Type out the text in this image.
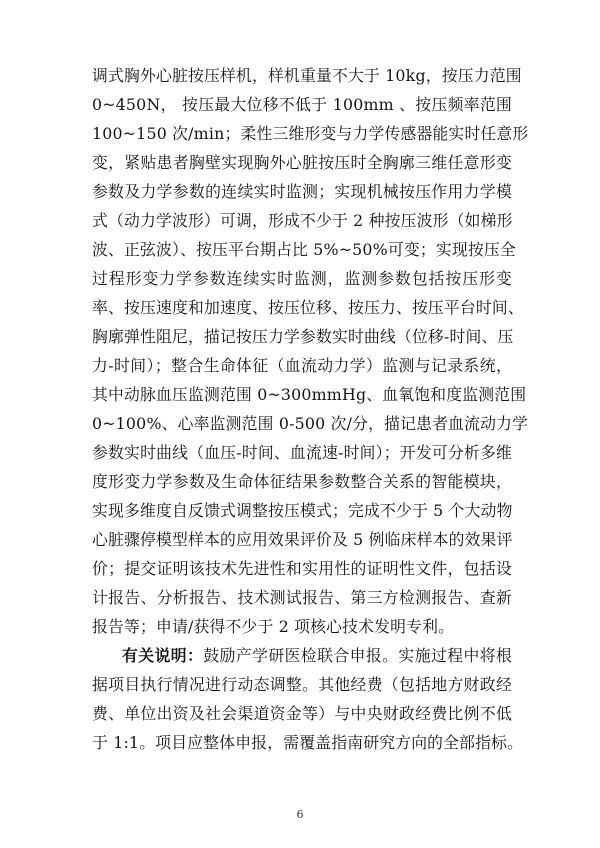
调式胸外心脏按压样机，样机重量不大于 10kg，按压力范围
0~450N， 按压最大位移不低于 100mm 、按压频率范围
100~150 次/min；柔性三维形变与力学传感器能实时任意形
变，紧贴患者胸壁实现胸外心脏按压时全胸廓三维任意形变
参数及力学参数的连续实时监测；实现机械按压作用力学模
式（动力学波形）可调，形成不少于 2 种按压波形（如梯形
波、正弦波）、按压平台期占比 5%~50%可变；实现按压全
过程形变力学参数连续实时监测，监测参数包括按压形变
率、按压速度和加速度、按压位移、按压力、按压平台时间、
胸廓弹性阻尼，描记按压力学参数实时曲线（位移-时间、压
力-时间）；整合生命体征（血流动力学）监测与记录系统，
其中动脉血压监测范围 0~300mmHg、血氧饱和度监测范围
0~100%、心率监测范围 0-500 次/分，描记患者血流动力学
参数实时曲线（血压-时间、血流速-时间）；开发可分析多维
度形变力学参数及生命体征结果参数整合关系的智能模块，
实现多维度自反馈式调整按压模式；完成不少于 5 个大动物
心脏骤停模型样本的应用效果评价及 5 例临床样本的效果评
价；提交证明该技术先进性和实用性的证明性文件，包括设
计报告、分析报告、技术测试报告、第三方检测报告、查新
报告等；申请/获得不少于 2 项核心技术发明专利。
有关说明：鼓励产学研医检联合申报。实施过程中将根
据项目执行情况进行动态调整。其他经费（包括地方财政经
费、单位出资及社会渠道资金等）与中央财政经费比例不低
于 1:1。项目应整体申报，需覆盖指南研究方向的全部指标。
6
